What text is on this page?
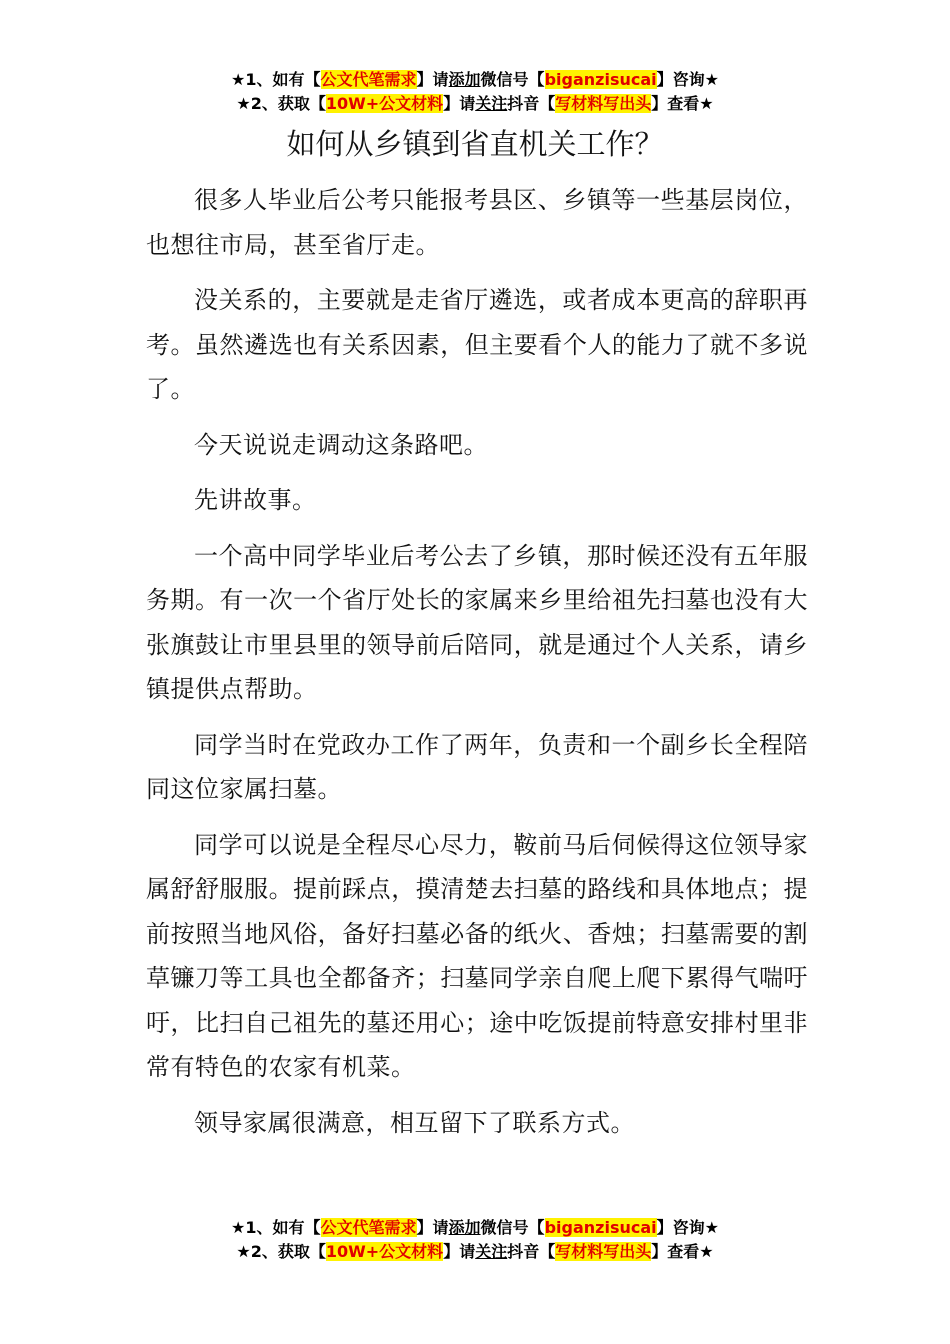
★1、如有【公文代笔需求】请添加微信号【biganzisucai】咨询★
★2、获取【10W+公文材料】请关注抖音【写材料写出头】查看★
如何从乡镇到省直机关工作？

很多人毕业后公考只能报考县区、乡镇等一些基层岗位，也想往市局，甚至省厅走。

没关系的，主要就是走省厅遴选，或者成本更高的辞职再考。虽然遴选也有关系因素，但主要看个人的能力了就不多说了。

今天说说走调动这条路吧。

先讲故事。

一个高中同学毕业后考公去了乡镇，那时候还没有五年服务期。有一次一个省厅处长的家属来乡里给祖先扫墓也没有大张旗鼓让市里县里的领导前后陪同，就是通过个人关系，请乡镇提供点帮助。

同学当时在党政办工作了两年，负责和一个副乡长全程陪同这位家属扫墓。

同学可以说是全程尽心尽力，鞍前马后伺候得这位领导家属舒舒服服。提前踩点，摸清楚去扫墓的路线和具体地点；提前按照当地风俗，备好扫墓必备的纸火、香烛；扫墓需要的割草镰刀等工具也全都备齐；扫墓同学亲自爬上爬下累得气喘吁吁，比扫自己祖先的墓还用心；途中吃饭提前特意安排村里非常有特色的农家有机菜。

领导家属很满意，相互留下了联系方式。

★1、如有【公文代笔需求】请添加微信号【biganzisucai】咨询★
★2、获取【10W+公文材料】请关注抖音【写材料写出头】查看★
